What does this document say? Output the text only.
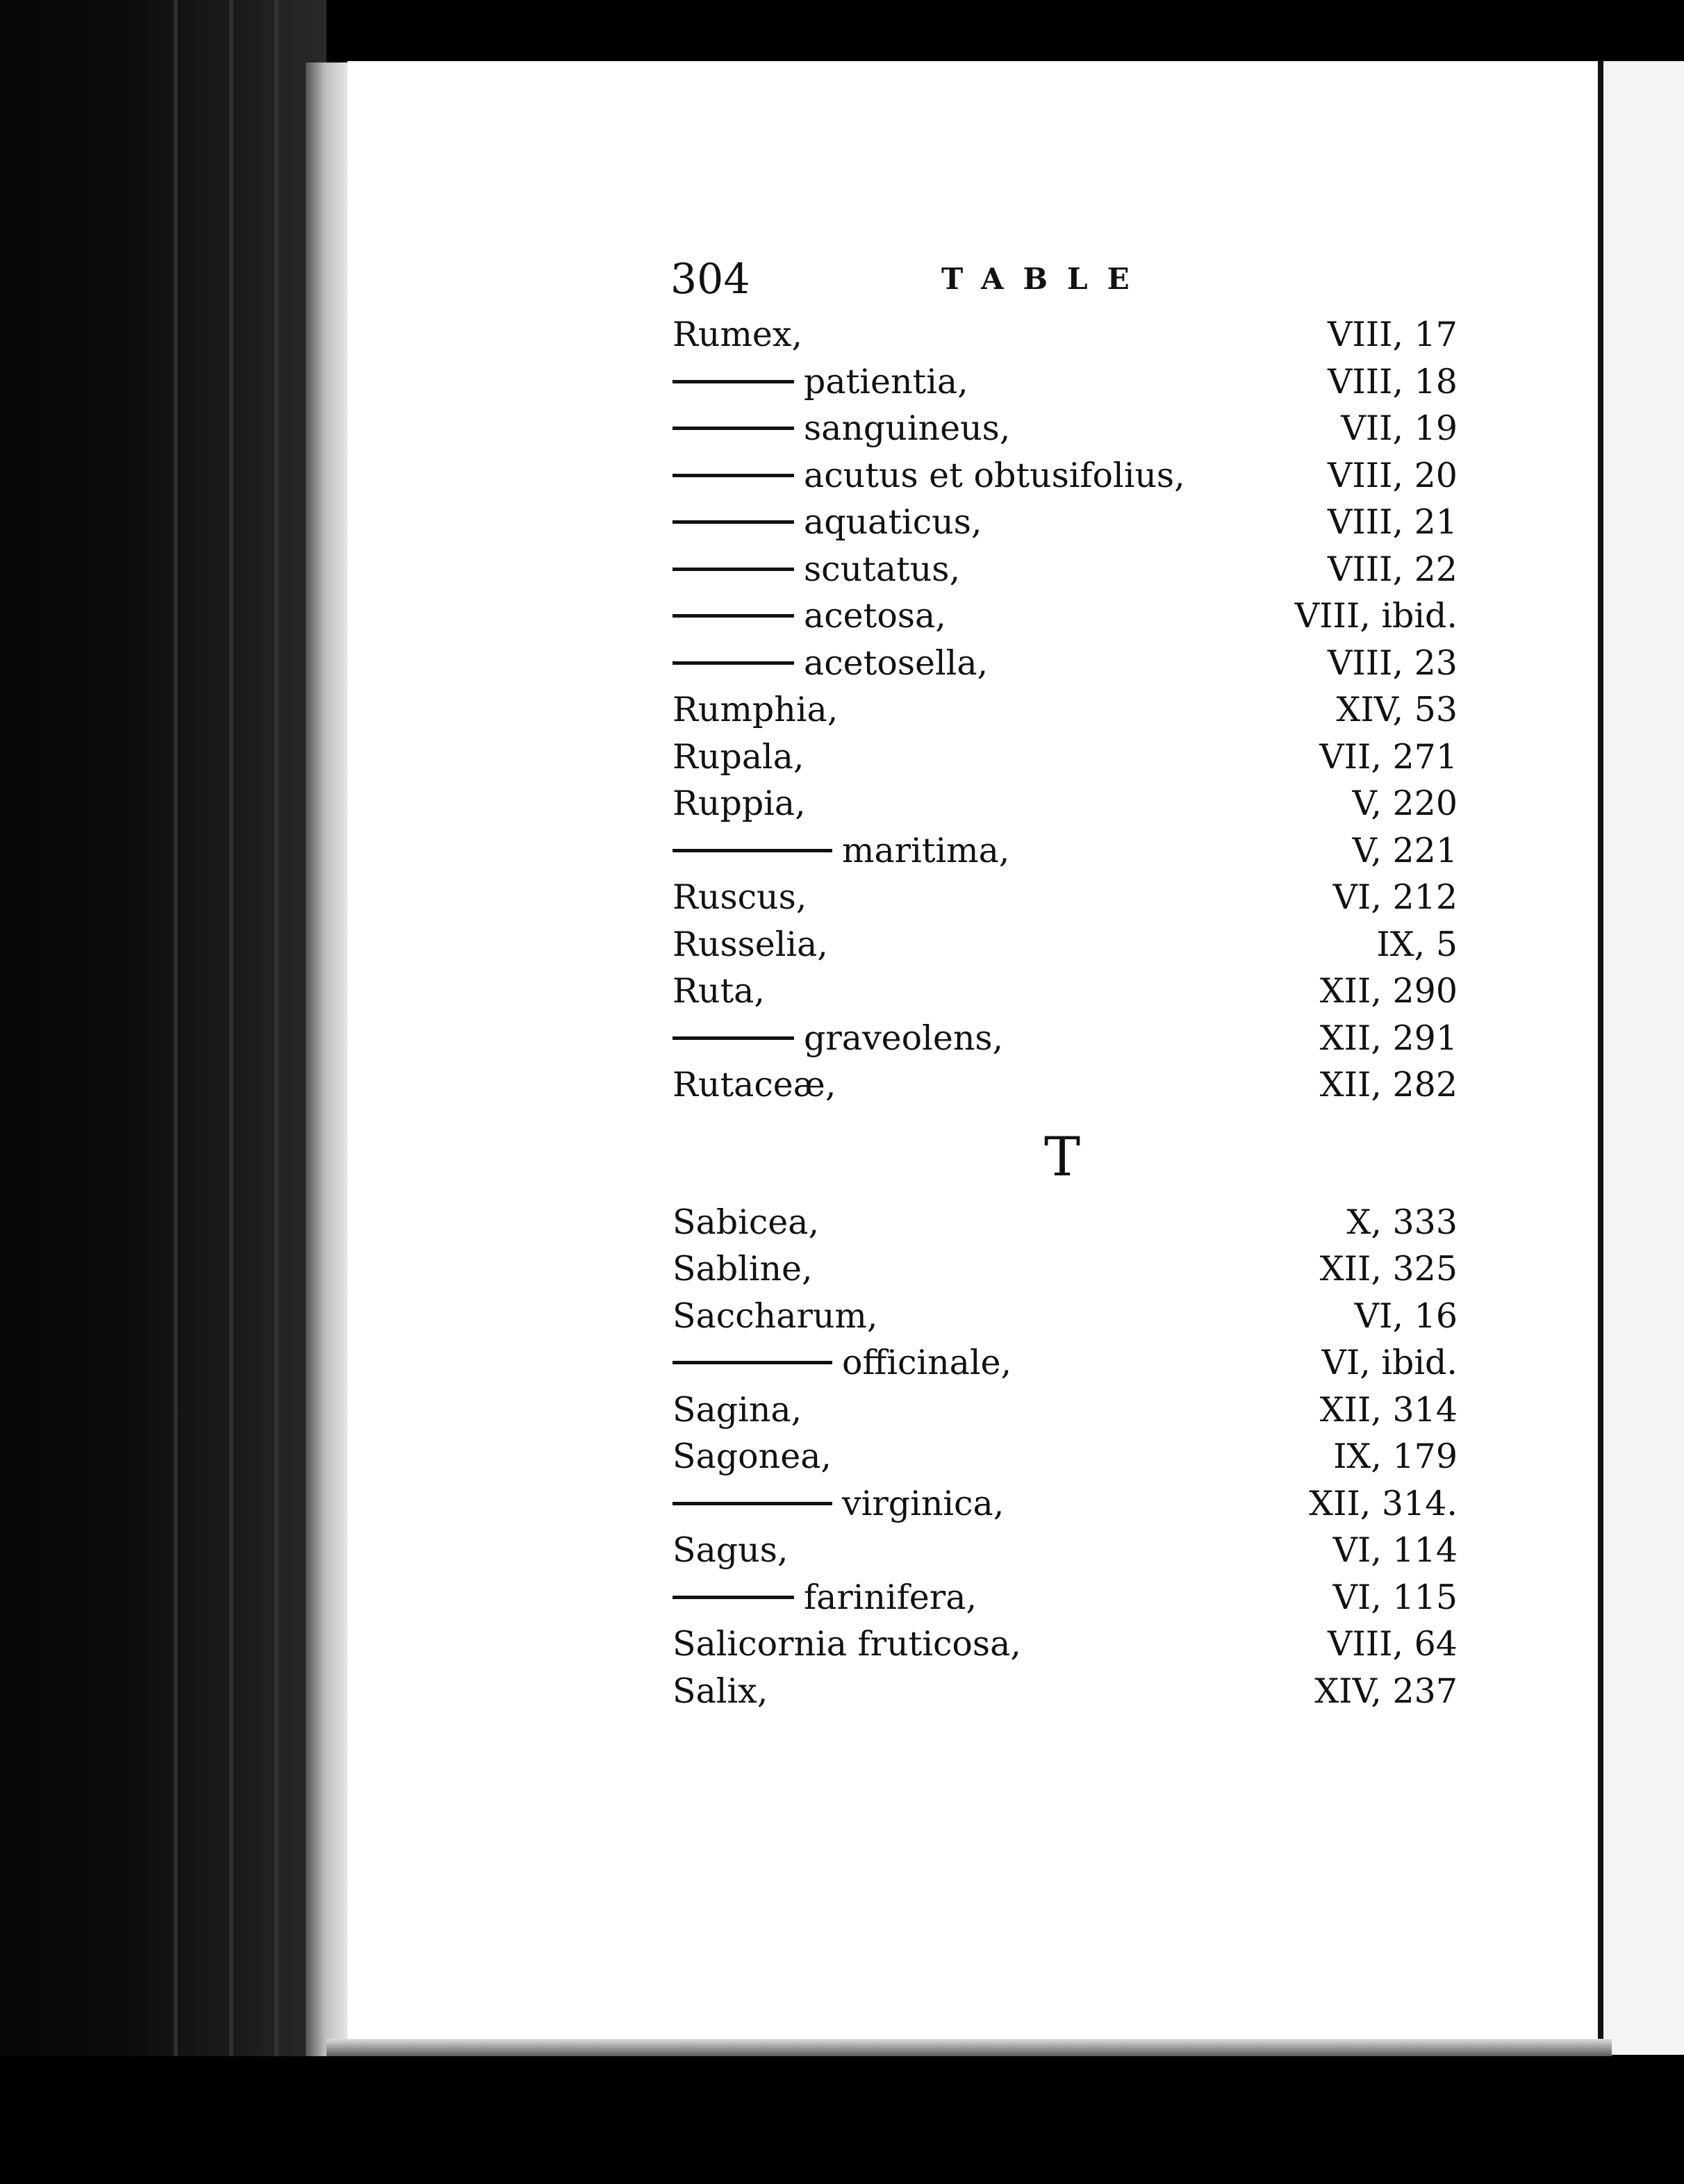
304	TABLE
Rumex,	VIII, 17
patientia,	VIII, 18
sanguineus,	VII, 19
acutus et obtusifolius,	VIII, 20
aquaticus,	VIII, 21
scutatus,	VIII, 22
acetosa,	VIII, ibid.
acetosella,	VIII, 23
Rumphia,	XIV, 53
Rupala,	VII, 271
Ruppia,	V, 220
maritima,	V, 221
Ruscus,	VI, 212
Russelia,	IX, 5
Ruta,	XII, 290
graveolens,	XII, 291
Rutaceæ,	XII, 282
T
Sabicea,	X, 333
Sabline,	XII, 325
Saccharum,	VI, 16
officinale,	VI, ibid.
Sagina,	XII, 314
Sagonea,	IX, 179
virginica,	XII, 314.
Sagus,	VI, 114
farinifera,	VI, 115
Salicornia fruticosa,	VIII, 64
Salix,	XIV, 237
